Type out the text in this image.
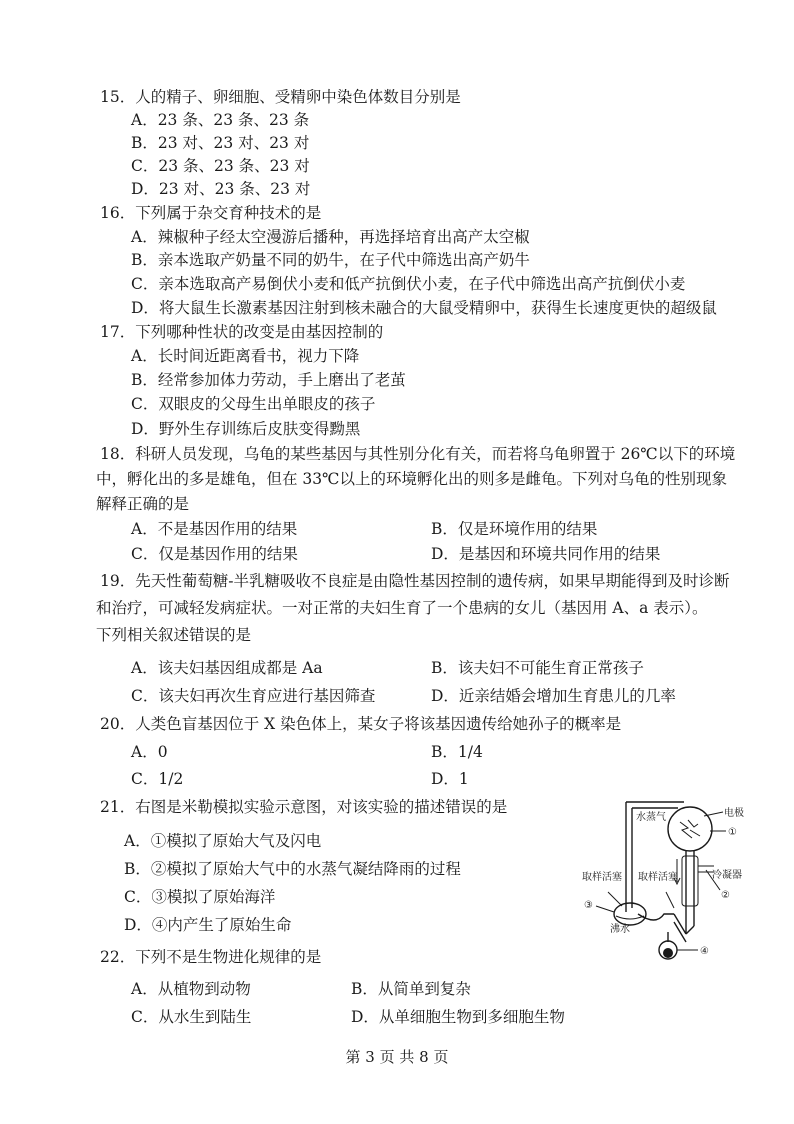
15．人的精子、卵细胞、受精卵中染色体数目分别是
A．23 条、23 条、23 条
B．23 对、23 对、23 对
C．23 条、23 条、23 对
D．23 对、23 条、23 对
16．下列属于杂交育种技术的是
A．辣椒种子经太空漫游后播种，再选择培育出高产太空椒
B．亲本选取产奶量不同的奶牛，在子代中筛选出高产奶牛
C．亲本选取高产易倒伏小麦和低产抗倒伏小麦，在子代中筛选出高产抗倒伏小麦
D．将大鼠生长激素基因注射到核未融合的大鼠受精卵中，获得生长速度更快的超级鼠
17．下列哪种性状的改变是由基因控制的
A．长时间近距离看书，视力下降
B．经常参加体力劳动，手上磨出了老茧
C．双眼皮的父母生出单眼皮的孩子
D．野外生存训练后皮肤变得黝黑
18．科研人员发现，乌龟的某些基因与其性别分化有关，而若将乌龟卵置于 26℃以下的环境
中，孵化出的多是雄龟，但在 33℃以上的环境孵化出的则多是雌龟。下列对乌龟的性别现象
解释正确的是
A．不是基因作用的结果	B．仅是环境作用的结果
C．仅是基因作用的结果	D．是基因和环境共同作用的结果
19．先天性葡萄糖-半乳糖吸收不良症是由隐性基因控制的遗传病，如果早期能得到及时诊断
和治疗，可减轻发病症状。一对正常的夫妇生育了一个患病的女儿（基因用 A、a 表示）。
下列相关叙述错误的是
A．该夫妇基因组成都是 Aa	B．该夫妇不可能生育正常孩子
C．该夫妇再次生育应进行基因筛查	D．近亲结婚会增加生育患儿的几率
20．人类色盲基因位于 X 染色体上，某女子将该基因遗传给她孙子的概率是
A．0	B．1/4
C．1/2	D．1
21．右图是米勒模拟实验示意图，对该实验的描述错误的是
A．①模拟了原始大气及闪电
B．②模拟了原始大气中的水蒸气凝结降雨的过程
C．③模拟了原始海洋
D．④内产生了原始生命
水蒸气	电极
①
冷凝器
②
取样活塞 取样活塞
③
沸水
④
22．下列不是生物进化规律的是
A．从植物到动物	B．从简单到复杂
C．从水生到陆生	D．从单细胞生物到多细胞生物
第 3 页 共 8 页
